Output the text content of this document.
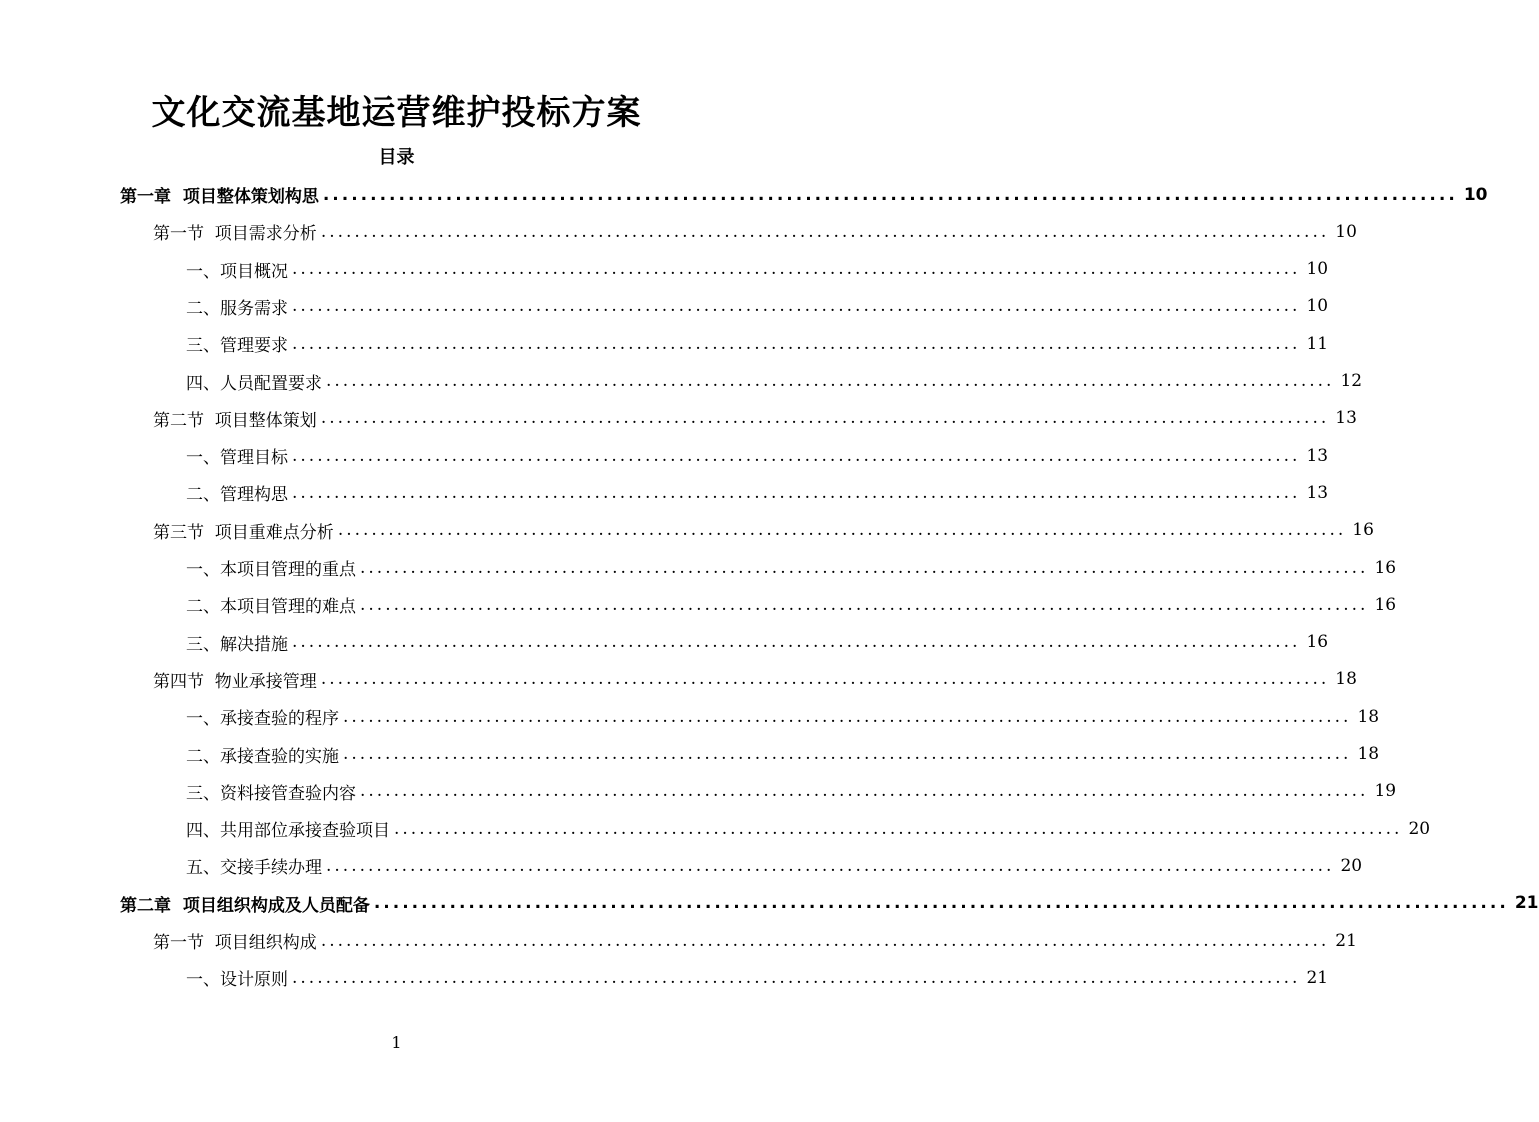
文化交流基地运营维护投标方案
目录
第一章  项目整体策划构思 ........................................................................................................................ 10
第一节  项目需求分析 ........................................................................................................................ 10
一、项目概况 ........................................................................................................................ 10
二、服务需求 ........................................................................................................................ 10
三、管理要求 ........................................................................................................................ 11
四、人员配置要求 ........................................................................................................................ 12
第二节  项目整体策划 ........................................................................................................................ 13
一、管理目标 ........................................................................................................................ 13
二、管理构思 ........................................................................................................................ 13
第三节  项目重难点分析 ........................................................................................................................ 16
一、本项目管理的重点 ........................................................................................................................ 16
二、本项目管理的难点 ........................................................................................................................ 16
三、解决措施 ........................................................................................................................ 16
第四节  物业承接管理 ........................................................................................................................ 18
一、承接查验的程序 ........................................................................................................................ 18
二、承接查验的实施 ........................................................................................................................ 18
三、资料接管查验内容 ........................................................................................................................ 19
四、共用部位承接查验项目 ........................................................................................................................ 20
五、交接手续办理 ........................................................................................................................ 20
第二章  项目组织构成及人员配备 ........................................................................................................................ 21
第一节  项目组织构成 ........................................................................................................................ 21
一、设计原则 ........................................................................................................................ 21
1
